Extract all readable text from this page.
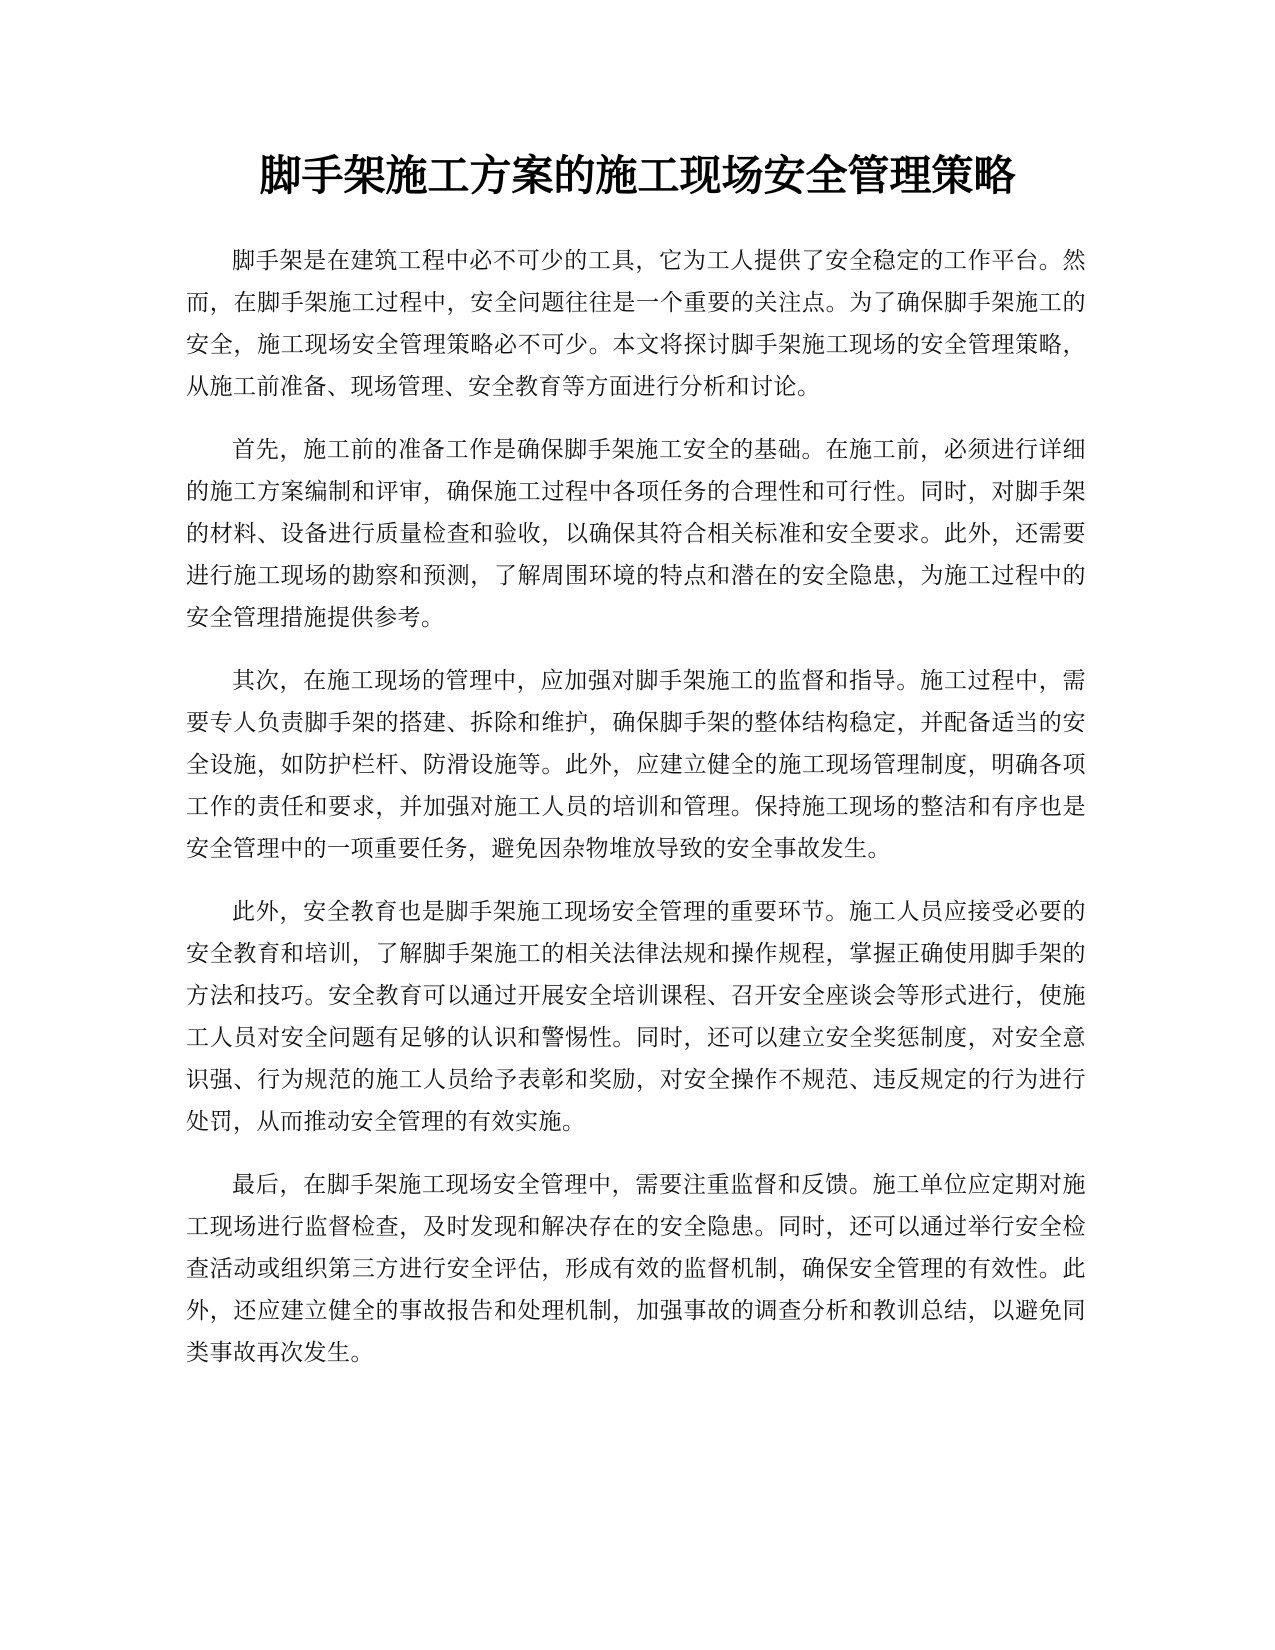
脚手架施工方案的施工现场安全管理策略

脚手架是在建筑工程中必不可少的工具，它为工人提供了安全稳定的工作平台。然而，在脚手架施工过程中，安全问题往往是一个重要的关注点。为了确保脚手架施工的安全，施工现场安全管理策略必不可少。本文将探讨脚手架施工现场的安全管理策略，从施工前准备、现场管理、安全教育等方面进行分析和讨论。

首先，施工前的准备工作是确保脚手架施工安全的基础。在施工前，必须进行详细的施工方案编制和评审，确保施工过程中各项任务的合理性和可行性。同时，对脚手架的材料、设备进行质量检查和验收，以确保其符合相关标准和安全要求。此外，还需要进行施工现场的勘察和预测，了解周围环境的特点和潜在的安全隐患，为施工过程中的安全管理措施提供参考。

其次，在施工现场的管理中，应加强对脚手架施工的监督和指导。施工过程中，需要专人负责脚手架的搭建、拆除和维护，确保脚手架的整体结构稳定，并配备适当的安全设施，如防护栏杆、防滑设施等。此外，应建立健全的施工现场管理制度，明确各项工作的责任和要求，并加强对施工人员的培训和管理。保持施工现场的整洁和有序也是安全管理中的一项重要任务，避免因杂物堆放导致的安全事故发生。

此外，安全教育也是脚手架施工现场安全管理的重要环节。施工人员应接受必要的安全教育和培训，了解脚手架施工的相关法律法规和操作规程，掌握正确使用脚手架的方法和技巧。安全教育可以通过开展安全培训课程、召开安全座谈会等形式进行，使施工人员对安全问题有足够的认识和警惕性。同时，还可以建立安全奖惩制度，对安全意识强、行为规范的施工人员给予表彰和奖励，对安全操作不规范、违反规定的行为进行处罚，从而推动安全管理的有效实施。

最后，在脚手架施工现场安全管理中，需要注重监督和反馈。施工单位应定期对施工现场进行监督检查，及时发现和解决存在的安全隐患。同时，还可以通过举行安全检查活动或组织第三方进行安全评估，形成有效的监督机制，确保安全管理的有效性。此外，还应建立健全的事故报告和处理机制，加强事故的调查分析和教训总结，以避免同类事故再次发生。
